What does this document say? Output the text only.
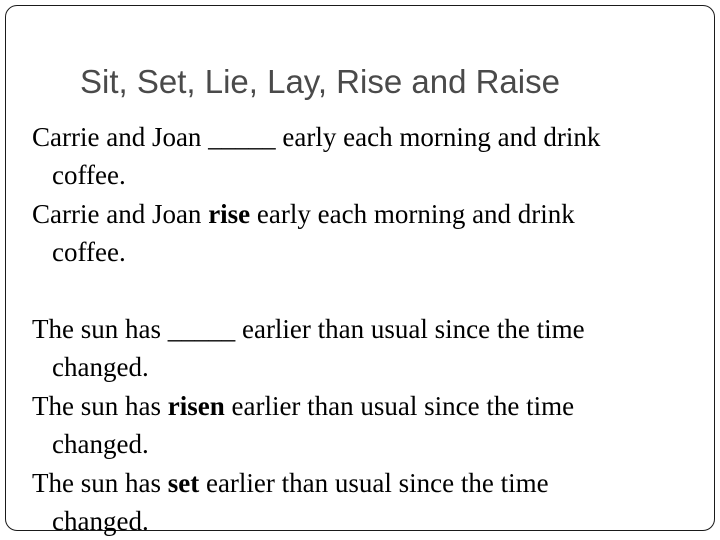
Sit, Set, Lie, Lay, Rise and Raise

Carrie and Joan _____ early each morning and drink
coffee.

Carrie and Joan rise early each morning and drink
coffee.

The sun has _____ earlier than usual since the time
changed.

The sun has risen earlier than usual since the time
changed.

The sun has set earlier than usual since the time
changed.
